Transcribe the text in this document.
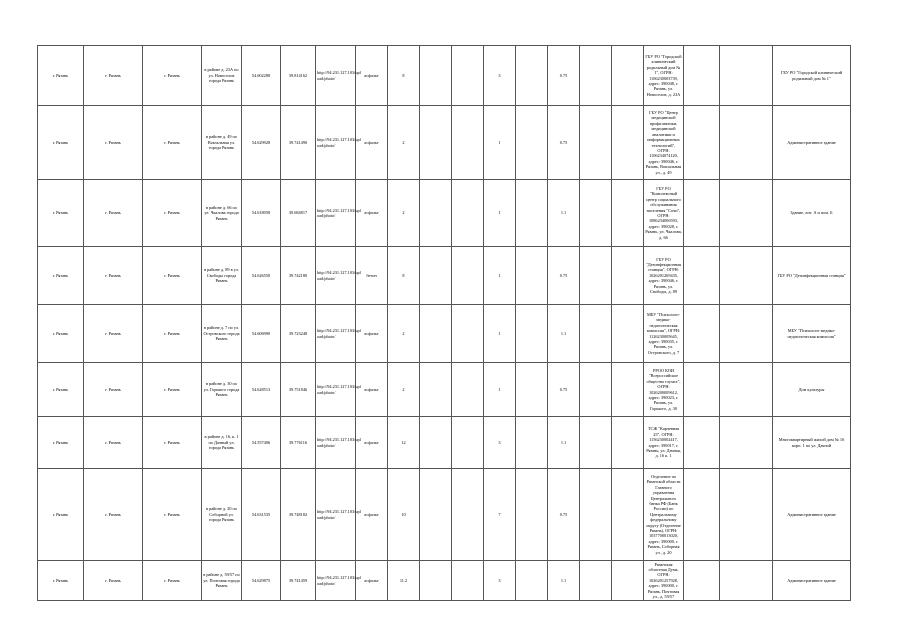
г. Рязань	г. Рязань	г. Рязань	в районе д. 23А по ул. Новоселов города Рязань	54.602288	39.814162	http://94.231.127.103/upl oad/photo/	асфальт	8			3		0.75			ГБУ РО "Городской клинический родильный дом № 1", ОГРН: 1106230003739, адрес: 390048, г. Рязань, ул. Новоселов, д. 23А			ГБУ РО "Городской клинический родильный дом № 1"
г. Рязань	г. Рязань	г. Рязань	в районе д. 49 по Вокзальная ул. города Рязань	54.629928	39.741490	http://94.231.127.103/upl oad/photo/	асфальт	2			1		0.75			ГБУ РО "Центр медицинской профилактики, медицинской аналитики и информационных технологий", ОГРН: 1106234074120, адрес: 390046, г. Рязань, Вокзальная ул., д. 49			Административное здание
г. Рязань	г. Рязань	г. Рязань	в районе д. 66 по ул. Чкалова города Рязань	54.618058	39.684817	http://94.231.127.103/upl oad/photo/	асфальт	2			1		1.1			ГБУ РО "Комплексный центр социального обслуживания населения "Сочи", ОГРН: 1086234006593, адрес: 390028, г. Рязань, ул. Чкалова, д. 66			Здание, лит. А и пом. Б
г. Рязань	г. Рязань	г. Рязань	в районе д. 89 в ул. Свободы города Рязань	54.626550	39.742180	http://94.231.127.103/upl oad/photo/	бетон	8			1		0.75			ГБУ РО "Дезинфекционная станция", ОГРН: 1026201269435, адрес: 390046, г. Рязань, ул. Свободы, д. 89			ГБУ РО "Дезинфекционная станция"
г. Рязань	г. Рязань	г. Рязань	в районе д. 7 по ул. Островского города Рязань	54.606990	39.723248	http://94.231.127.103/upl oad/photo/	асфальт	2			1		1.1			МБУ "Психолого-медико-педагогическая комиссия", ОГРН: 1126230005645, адрес: 390035, г. Рязань, ул. Островского, д. 7			МБУ "Психолого-медико-педагогическая комиссия"
г. Рязань	г. Рязань	г. Рязань	в районе д. 30 по ул. Горького города Рязань	54.628513	39.751846	http://94.231.127.103/upl oad/photo/	асфальт	2			1		0.75			РРОО КОИ "Всероссийское общество глухих", ОГРН: 1026200009612, адрес: 390023, г. Рязань, ул. Горького, д. 30			Дом культуры
г. Рязань	г. Рязань	г. Рязань	в районе д. 16, к. 1 по Дачный ул. города Рязань	54.557406	39.776116	http://94.231.127.103/upl oad/photo/	асфальт	12			3		1.1			ТСЖ "Карчевная 25", ОГРН: 1156230002417, адрес: 390017, г. Рязань, ул. Дачная, д. 16 к. 1			Многоквартирный жилой дом № 16 корп. 1 по ул. Дачной
г. Рязань	г. Рязань	г. Рязань	в районе д. 20 по Соборной ул. города Рязань	54.631535	39.748182	http://94.231.127.103/upl oad/photo/	асфальт	10			7		0.75			Отделение по Рязанской области Главного управления Центрального банка РФ (Банк России) по Центральному федеральному округу (Отделение Рязань), ОГРН: 1037700013020, адрес: 390000, г. Рязань, Соборная ул., д. 20			Административное здание
г. Рязань	г. Рязань	г. Рязань	в районе д. 59/57 по ул. Почтовая города Рязань	54.629875	39.741459	http://94.231.127.103/upl oad/photo/	асфальт	11.2			3		1.1			Рязанская областная Дума, ОГРН: 1026201257928, адрес: 390000, г. Рязань, Почтовая ул., д. 59/57			Административное здание
